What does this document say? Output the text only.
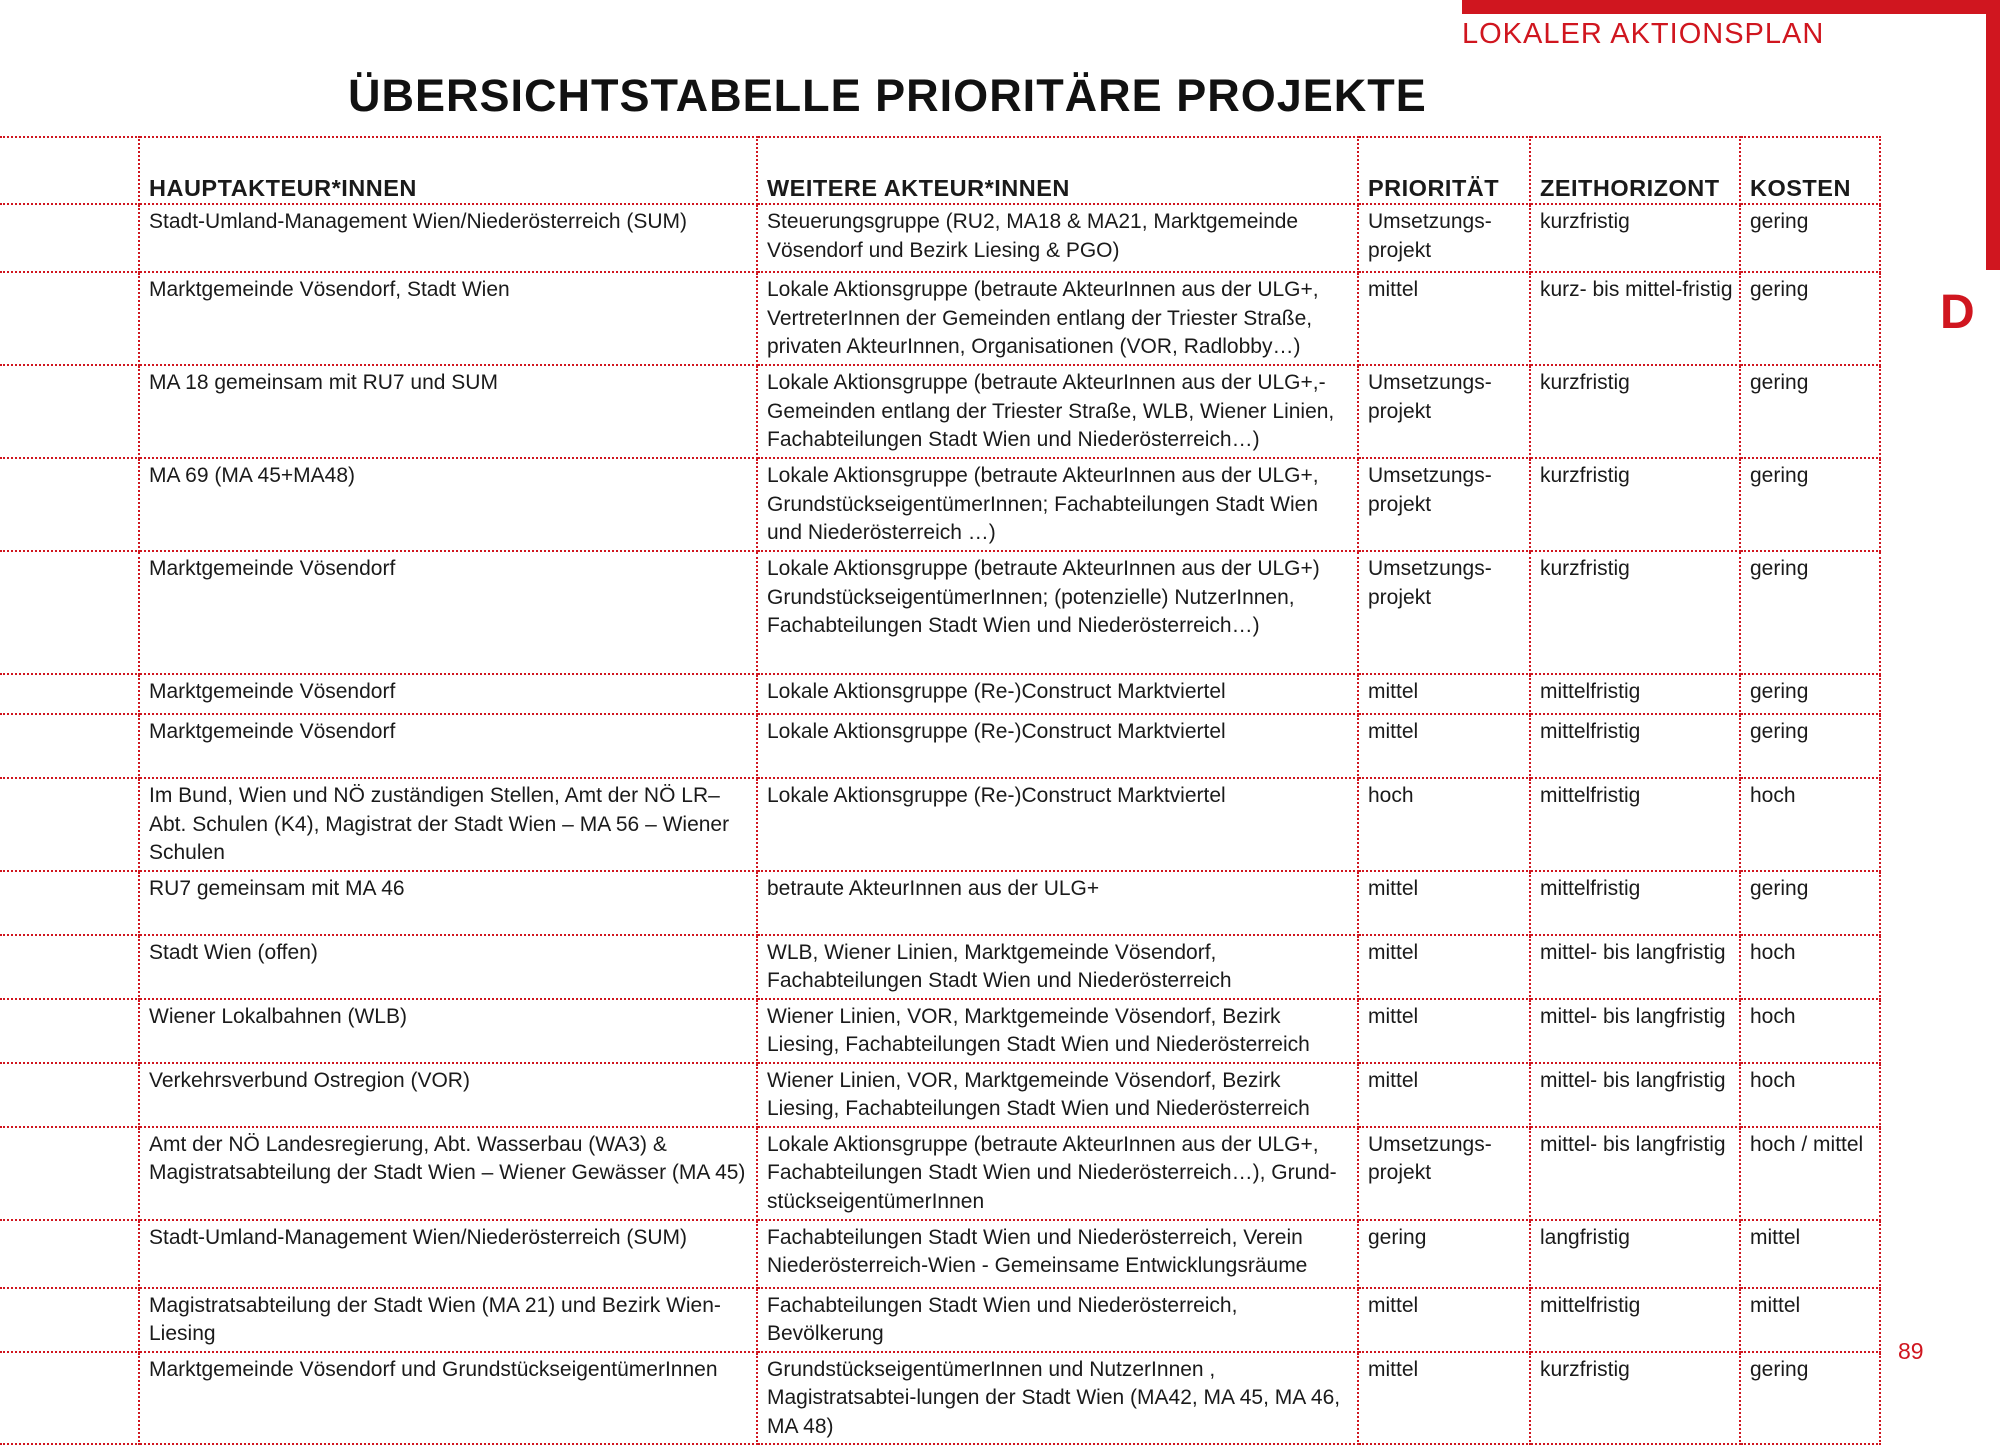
LOKALER AKTIONSPLAN
ÜBERSICHTSTABELLE PRIORITÄRE PROJEKTE
D
	HAUPTAKTEUR*INNEN	WEITERE AKTEUR*INNEN	PRIORITÄT	ZEITHORIZONT	KOSTEN
	Stadt-Umland-Management Wien/Niederösterreich (SUM)	Steuerungsgruppe (RU2, MA18 & MA21, Marktgemeinde Vösendorf und Bezirk Liesing & PGO)	Umsetzungs-projekt	kurzfristig	gering
	Marktgemeinde Vösendorf, Stadt Wien	Lokale Aktionsgruppe (betraute AkteurInnen aus der ULG+, VertreterInnen der Gemeinden entlang der Triester Straße, privaten AkteurInnen, Organisationen (VOR, Radlobby…)	mittel	kurz- bis mittel-fristig	gering
	MA 18 gemeinsam mit RU7 und SUM	Lokale Aktionsgruppe (betraute AkteurInnen aus der ULG+,-Gemeinden entlang der Triester Straße, WLB, Wiener Linien, Fachabteilungen Stadt Wien und Niederösterreich…)	Umsetzungs-projekt	kurzfristig	gering
	MA 69 (MA 45+MA48)	Lokale Aktionsgruppe (betraute AkteurInnen aus der ULG+, GrundstückseigentümerInnen; Fachabteilungen Stadt Wien und Niederösterreich …)	Umsetzungs-projekt	kurzfristig	gering
	Marktgemeinde Vösendorf	Lokale Aktionsgruppe (betraute AkteurInnen aus der ULG+) GrundstückseigentümerInnen; (potenzielle) NutzerInnen, Fachabteilungen Stadt Wien und Niederösterreich…)	Umsetzungs-projekt	kurzfristig	gering
	Marktgemeinde Vösendorf	Lokale Aktionsgruppe (Re-)Construct Marktviertel	mittel	mittelfristig	gering
	Marktgemeinde Vösendorf	Lokale Aktionsgruppe (Re-)Construct Marktviertel	mittel	mittelfristig	gering
	Im Bund, Wien und NÖ zuständigen Stellen, Amt der NÖ LR– Abt. Schulen (K4), Magistrat der Stadt Wien – MA 56 – Wiener Schulen	Lokale Aktionsgruppe (Re-)Construct Marktviertel	hoch	mittelfristig	hoch
	RU7 gemeinsam mit MA 46	betraute AkteurInnen aus der ULG+	mittel	mittelfristig	gering
	Stadt Wien (offen)	WLB, Wiener Linien, Marktgemeinde Vösendorf, Fachabteilungen Stadt Wien und Niederösterreich	mittel	mittel- bis langfristig	hoch
	Wiener Lokalbahnen (WLB)	Wiener Linien, VOR, Marktgemeinde Vösendorf, Bezirk Liesing, Fachabteilungen Stadt Wien und Niederösterreich	mittel	mittel- bis langfristig	hoch
	Verkehrsverbund Ostregion (VOR)	Wiener Linien, VOR, Marktgemeinde Vösendorf, Bezirk Liesing, Fachabteilungen Stadt Wien und Niederösterreich	mittel	mittel- bis langfristig	hoch
	Amt der NÖ Landesregierung, Abt. Wasserbau (WA3) & Magistratsabteilung der Stadt Wien – Wiener Gewässer (MA 45)	Lokale Aktionsgruppe (betraute AkteurInnen aus der ULG+, Fachabteilungen Stadt Wien und Niederösterreich…), Grund-stückseigentümerInnen	Umsetzungs-projekt	mittel- bis langfristig	hoch / mittel
	Stadt-Umland-Management Wien/Niederösterreich (SUM)	Fachabteilungen Stadt Wien und Niederösterreich, Verein Niederösterreich-Wien - Gemeinsame Entwicklungsräume	gering	langfristig	mittel
	Magistratsabteilung der Stadt Wien (MA 21) und Bezirk Wien-Liesing	Fachabteilungen Stadt Wien und Niederösterreich, Bevölkerung	mittel	mittelfristig	mittel
	Marktgemeinde Vösendorf und GrundstückseigentümerInnen	GrundstückseigentümerInnen und NutzerInnen , Magistratsabtei-lungen der Stadt Wien (MA42, MA 45, MA 46, MA 48)	mittel	kurzfristig	gering
89
